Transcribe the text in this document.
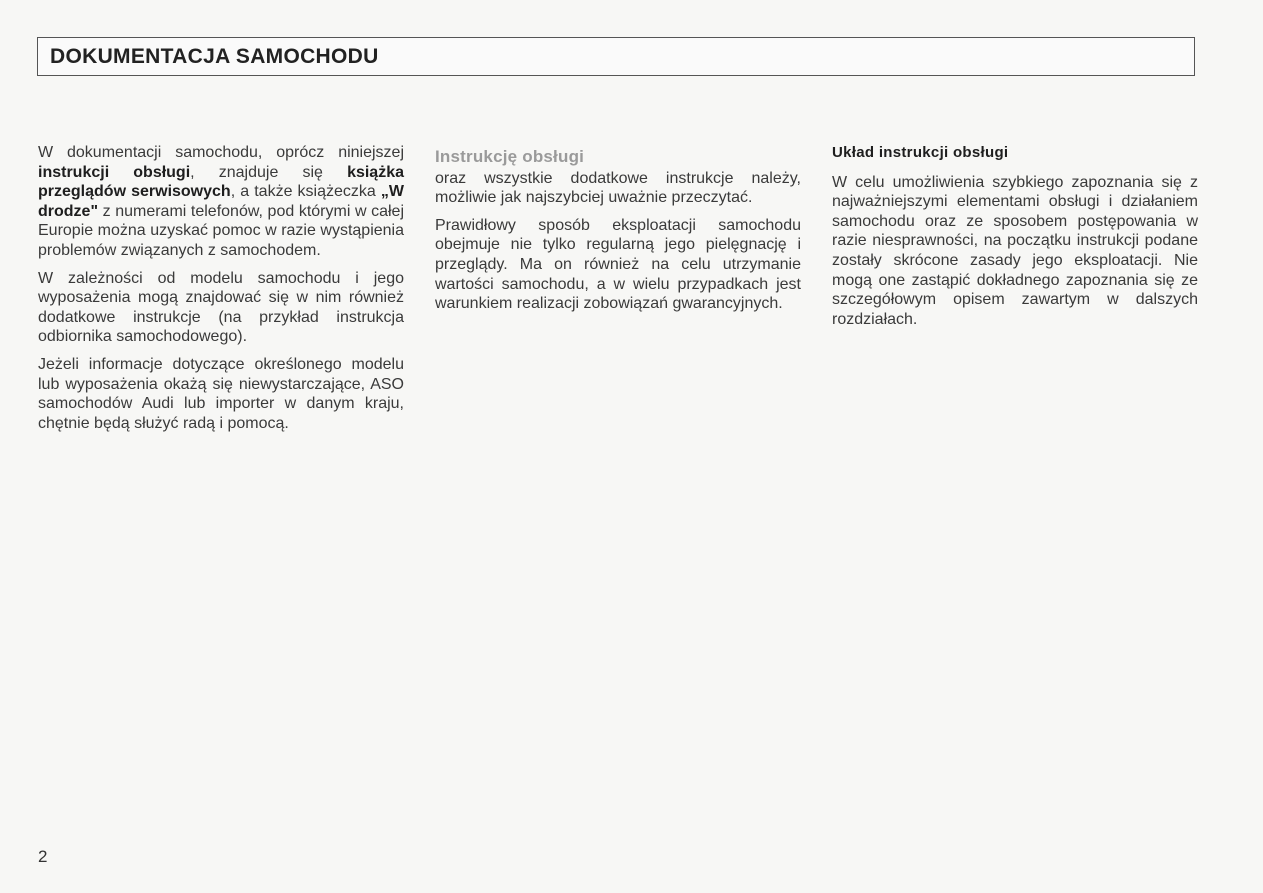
DOKUMENTACJA SAMOCHODU

W dokumentacji samochodu, oprócz niniejszej instrukcji obsługi, znajduje się książka przeglądów serwisowych, a także książeczka „W drodze" z numerami telefonów, pod którymi w całej Europie można uzyskać pomoc w razie wystąpienia problemów związanych z samochodem.

W zależności od modelu samochodu i jego wyposażenia mogą znajdować się w nim również dodatkowe instrukcje (na przykład instrukcja odbiornika samochodowego).

Jeżeli informacje dotyczące określonego modelu lub wyposażenia okażą się niewystarczające, ASO samochodów Audi lub importer w danym kraju, chętnie będą służyć radą i pomocą.

Instrukcję obsługi

oraz wszystkie dodatkowe instrukcje należy, możliwie jak najszybciej uważnie przeczytać.

Prawidłowy sposób eksploatacji samochodu obejmuje nie tylko regularną jego pielęgnację i przeglądy. Ma on również na celu utrzymanie wartości samochodu, a w wielu przypadkach jest warunkiem realizacji zobowiązań gwarancyjnych.

Układ instrukcji obsługi

W celu umożliwienia szybkiego zapoznania się z najważniejszymi elementami obsługi i działaniem samochodu oraz ze sposobem postępowania w razie niesprawności, na początku instrukcji podane zostały skrócone zasady jego eksploatacji. Nie mogą one zastąpić dokładnego zapoznania się ze szczegółowym opisem zawartym w dalszych rozdziałach.

2
